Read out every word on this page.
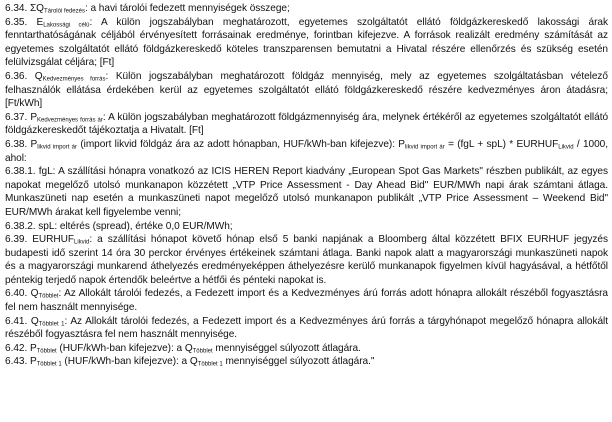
6.34. $\Sigma Q_{Tárolói fedezés}$: a havi tárolói fedezett mennyiségek összege;

6.35. $E_{Lakossági célú}$: A külön jogszabályban meghatározott, egyetemes szolgáltatót ellátó földgázkereskedő lakossági árak fenntarthatóságának céljából érvényesített forrásainak eredménye, forintban kifejezve. A források realizált eredmény számítását az egyetemes szolgáltatót ellátó földgázkereskedő köteles transzparensen bemutatni a Hivatal részére ellenőrzés és szükség esetén felülvizsgálat céljára; [Ft]

6.36. $Q_{Kedvezményes forrás}$: Külön jogszabályban meghatározott földgáz mennyiség, mely az egyetemes szolgáltatásban vételező felhasználók ellátása érdekében kerül az egyetemes szolgáltatót ellátó földgázkereskedő részére kedvezményes áron átadásra; [Ft/kWh]

6.37. $P_{Kedvezményes forrás ár}$: A külön jogszabályban meghatározott földgázmennyiség ára, melynek értékéről az egyetemes szolgáltatót ellátó földgázkereskedőt tájékoztatja a Hivatalt. [Ft]

6.38. $P_{likvid import ár}$ (import likvid földgáz ára az adott hónapban, HUF/kWh-ban kifejezve): $P_{likvid import ár} = (fgL + spL)$ * $EURHUF_{Likvid} / 1000$, ahol:

6.38.1. fgL: A szállítási hónapra vonatkozó az ICIS HEREN Report kiadvány „European Spot Gas Markets" részben publikált, az egyes napokat megelőző utolsó munkanapon közzétett „VTP Price Assessment - Day Ahead Bid" EUR/MWh napi árak számtani átlaga. Munkaszüneti nap esetén a munkaszüneti napot megelőző utolsó munkanapon publikált „VTP Price Assessment – Weekend Bid" EUR/MWh árakat kell figyelembe venni;

6.38.2. spL: eltérés (spread), értéke 0,0 EUR/MWh;

6.39. $EURHUF_{Likvid}$: a szállítási hónapot követő hónap első 5 banki napjának a Bloomberg által közzétett BFIX EURHUF jegyzés budapesti idő szerint 14 óra 30 perckor érvényes értékeinek számtani átlaga. Banki napok alatt a magyarországi munkaszüneti napok és a magyarországi munkarend áthelyezés eredményeképpen áthelyezésre kerülő munkanapok figyelmen kívül hagyásával, a hétfőtől péntekig terjedő napok értendők beleértve a hétfői és pénteki napokat is.

6.40. $Q_{Többlet}$: Az Allokált tárolói fedezés, a Fedezett import és a Kedvezményes árú forrás adott hónapra allokált részéből fogyasztásra fel nem használt mennyisége.

6.41. $Q_{Többlet 1}$: Az Allokált tárolói fedezés, a Fedezett import és a Kedvezményes árú forrás a tárgyhónapot megelőző hónapra allokált részéből fogyasztásra fel nem használt mennyisége.

6.42. $P_{Többlet}$ (HUF/kWh-ban kifejezve): a $Q_{Többlet}$ mennyiséggel súlyozott átlagára.

6.43. $P_{Többlet 1}$ (HUF/kWh-ban kifejezve): a $Q_{Többlet 1}$ mennyiséggel súlyozott átlagára."
